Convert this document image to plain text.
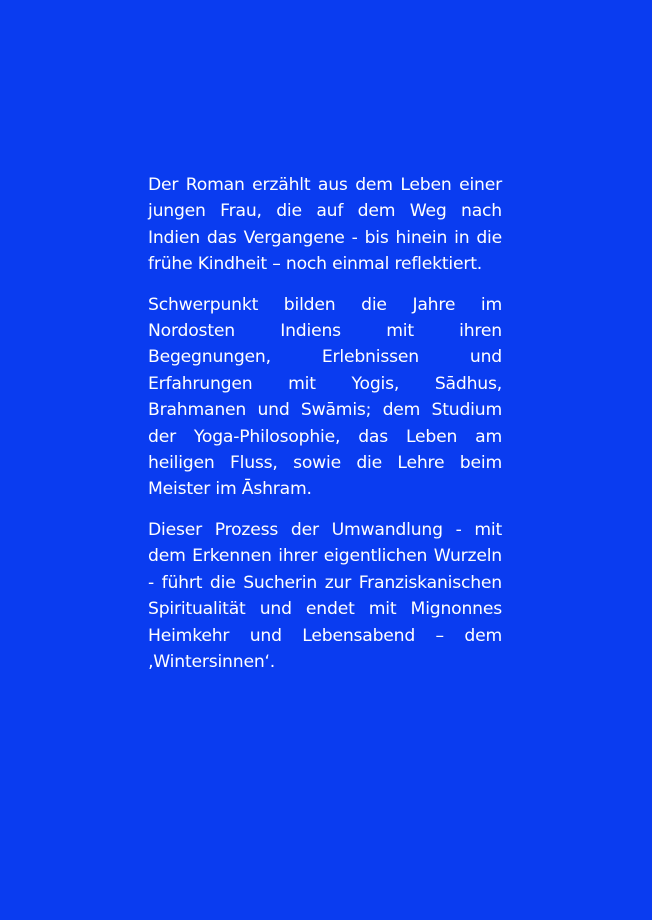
Der Roman erzählt aus dem Leben einer jungen Frau, die auf dem Weg nach Indien das Vergangene - bis hinein in die frühe Kindheit – noch einmal reflektiert.

Schwerpunkt bilden die Jahre im Nordosten Indiens mit ihren Begegnungen, Erlebnissen und Erfahrungen mit Yogis, Sādhus, Brahmanen und Swāmis; dem Studium der Yoga-Philosophie, das Leben am heiligen Fluss, sowie die Lehre beim Meister im Āshram.

Dieser Prozess der Umwandlung - mit dem Erkennen ihrer eigentlichen Wurzeln - führt die Sucherin zur Franziskanischen Spiritualität und endet mit Mignonnes Heimkehr und Lebensabend – dem ‚Wintersinnen‘.
